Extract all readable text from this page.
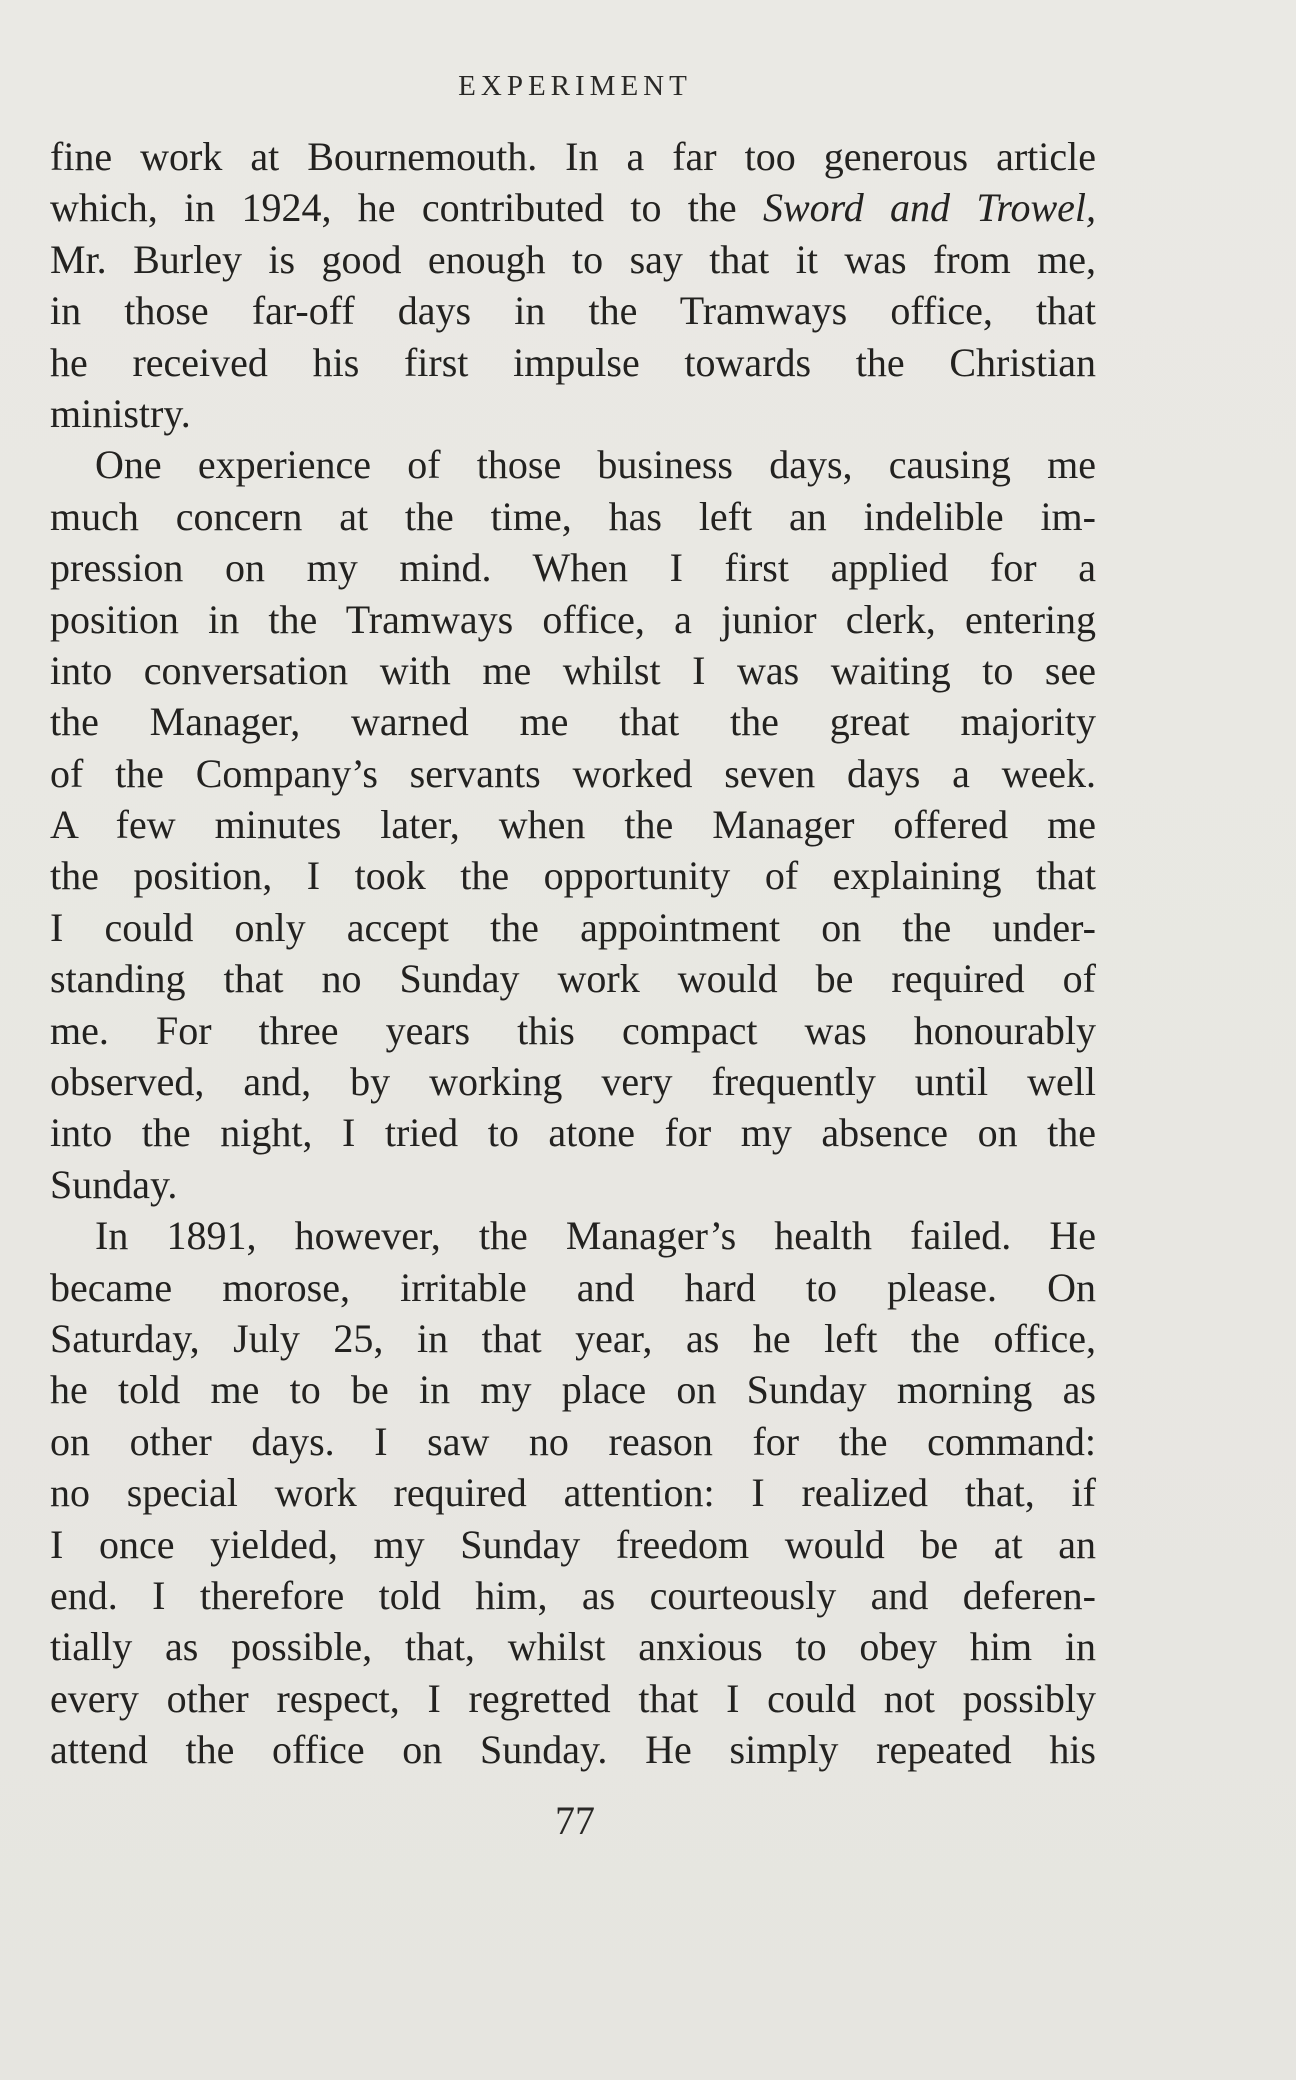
EXPERIMENT
fine work at Bournemouth. In a far too generous article
which, in 1924, he contributed to the Sword and Trowel,
Mr. Burley is good enough to say that it was from me,
in those far-off days in the Tramways office, that
he received his first impulse towards the Christian
ministry.
One experience of those business days, causing me
much concern at the time, has left an indelible im-
pression on my mind. When I first applied for a
position in the Tramways office, a junior clerk, entering
into conversation with me whilst I was waiting to see
the Manager, warned me that the great majority
of the Company’s servants worked seven days a week.
A few minutes later, when the Manager offered me
the position, I took the opportunity of explaining that
I could only accept the appointment on the under-
standing that no Sunday work would be required of
me. For three years this compact was honourably
observed, and, by working very frequently until well
into the night, I tried to atone for my absence on the
Sunday.
In 1891, however, the Manager’s health failed. He
became morose, irritable and hard to please. On
Saturday, July 25, in that year, as he left the office,
he told me to be in my place on Sunday morning as
on other days. I saw no reason for the command:
no special work required attention: I realized that, if
I once yielded, my Sunday freedom would be at an
end. I therefore told him, as courteously and deferen-
tially as possible, that, whilst anxious to obey him in
every other respect, I regretted that I could not possibly
attend the office on Sunday. He simply repeated his
77
